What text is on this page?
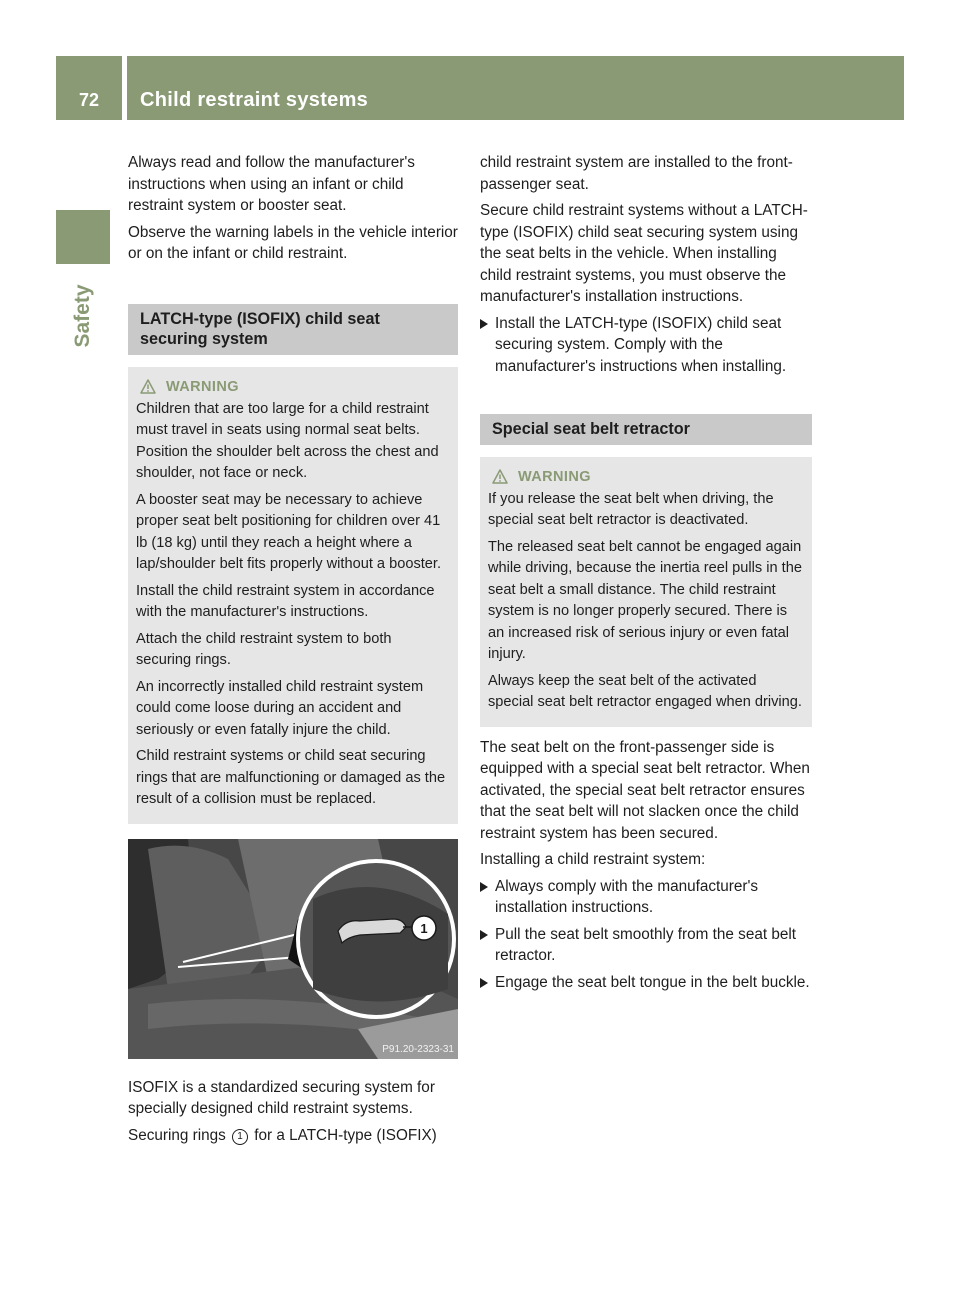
72	Child restraint systems
Safety

Always read and follow the manufacturer's instructions when using an infant or child restraint system or booster seat.

Observe the warning labels in the vehicle interior or on the infant or child restraint.

LATCH-type (ISOFIX) child seat securing system
WARNING

Children that are too large for a child restraint must travel in seats using normal seat belts. Position the shoulder belt across the chest and shoulder, not face or neck.

A booster seat may be necessary to achieve proper seat belt positioning for children over 41 lb (18 kg) until they reach a height where a lap/shoulder belt fits properly without a booster.

Install the child restraint system in accordance with the manufacturer's instructions.

Attach the child restraint system to both securing rings.

An incorrectly installed child restraint system could come loose during an accident and seriously or even fatally injure the child.

Child restraint systems or child seat securing rings that are malfunctioning or damaged as the result of a collision must be replaced.

1
P91.20-2323-31

ISOFIX is a standardized securing system for specially designed child restraint systems.

Securing rings 1 for a LATCH-type (ISOFIX)

child restraint system are installed to the front-passenger seat.

Secure child restraint systems without a LATCH-type (ISOFIX) child seat securing system using the seat belts in the vehicle. When installing child restraint systems, you must observe the manufacturer's installation instructions.

Install the LATCH-type (ISOFIX) child seat securing system. Comply with the manufacturer's instructions when installing.
Special seat belt retractor
WARNING

If you release the seat belt when driving, the special seat belt retractor is deactivated.

The released seat belt cannot be engaged again while driving, because the inertia reel pulls in the seat belt a small distance. The child restraint system is no longer properly secured. There is an increased risk of serious injury or even fatal injury.

Always keep the seat belt of the activated special seat belt retractor engaged when driving.

The seat belt on the front-passenger side is equipped with a special seat belt retractor. When activated, the special seat belt retractor ensures that the seat belt will not slacken once the child restraint system has been secured.

Installing a child restraint system:

Always comply with the manufacturer's installation instructions.
Pull the seat belt smoothly from the seat belt retractor.
Engage the seat belt tongue in the belt buckle.
